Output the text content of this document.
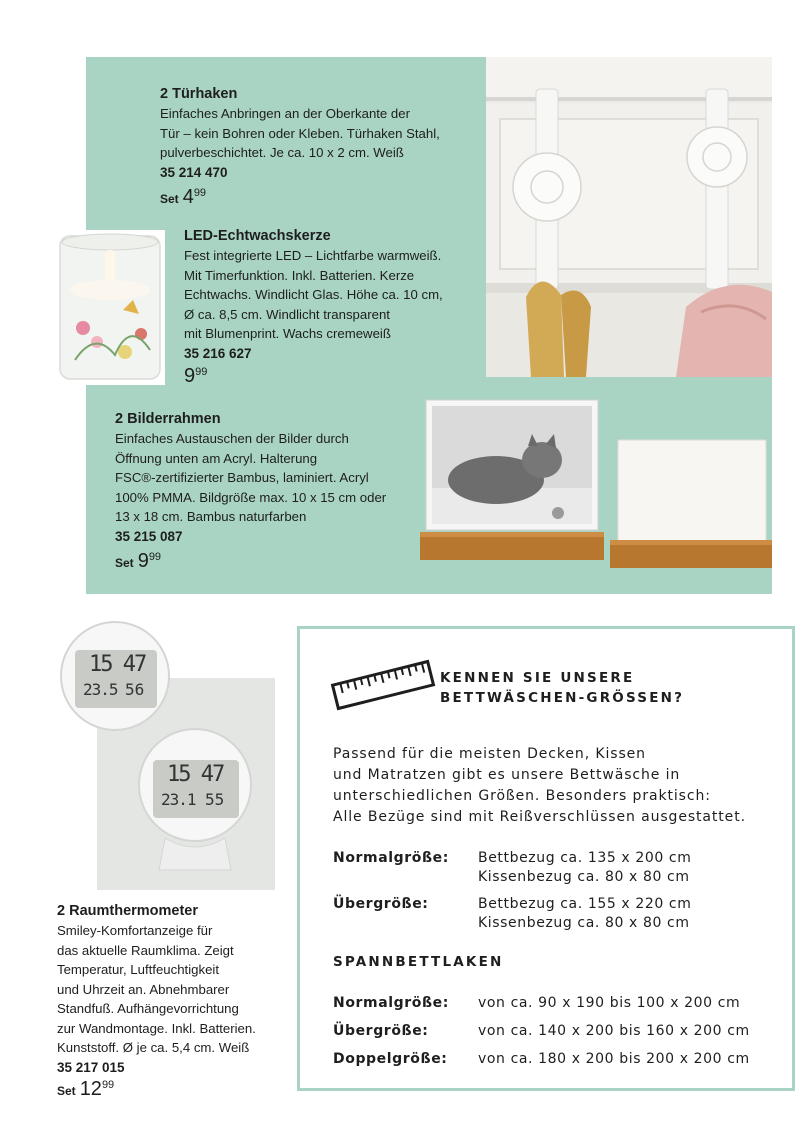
15 47
23.5 56
15 47
23.1 55
2 Türhaken
Einfaches Anbringen an der Oberkante der
Tür – kein Bohren oder Kleben. Türhaken Stahl,
pulverbeschichtet. Je ca. 10 x 2 cm. Weiß
35 214 470
Set $4^{99}$
LED-Echtwachskerze
Fest integrierte LED – Lichtfarbe warmweiß.
Mit Timerfunktion. Inkl. Batterien. Kerze
Echtwachs. Windlicht Glas. Höhe ca. 10 cm,
Ø ca. 8,5 cm. Windlicht transparent
mit Blumenprint. Wachs cremeweiß
35 216 627
$9^{99}$
2 Bilderrahmen
Einfaches Austauschen der Bilder durch
Öffnung unten am Acryl. Halterung
FSC®-zertifizierter Bambus, laminiert. Acryl
100% PMMA. Bildgröße max. 10 x 15 cm oder
13 x 18 cm. Bambus naturfarben
35 215 087
Set $9^{99}$
2 Raumthermometer
Smiley-Komfortanzeige für
das aktuelle Raumklima. Zeigt
Temperatur, Luftfeuchtigkeit
und Uhrzeit an. Abnehmbarer
Standfuß. Aufhängevorrichtung
zur Wandmontage. Inkl. Batterien.
Kunststoff. Ø je ca. 5,4 cm. Weiß
35 217 015
Set $12^{99}$
KENNEN SIE UNSERE
BETTWÄSCHEN-GRÖSSEN?
Passend für die meisten Decken, Kissen
und Matratzen gibt es unsere Bettwäsche in
unterschiedlichen Größen. Besonders praktisch:
Alle Bezüge sind mit Reißverschlüssen ausgestattet.
Normalgröße: Bettbezug ca. 135 x 200 cm
Kissenbezug ca. 80 x 80 cm
Übergröße:	Bettbezug ca. 155 x 220 cm
Kissenbezug ca. 80 x 80 cm
SPANNBETTLAKEN
Normalgröße: von ca. 90 x 190 bis 100 x 200 cm
Übergröße:	von ca. 140 x 200 bis 160 x 200 cm
Doppelgröße: von ca. 180 x 200 bis 200 x 200 cm
